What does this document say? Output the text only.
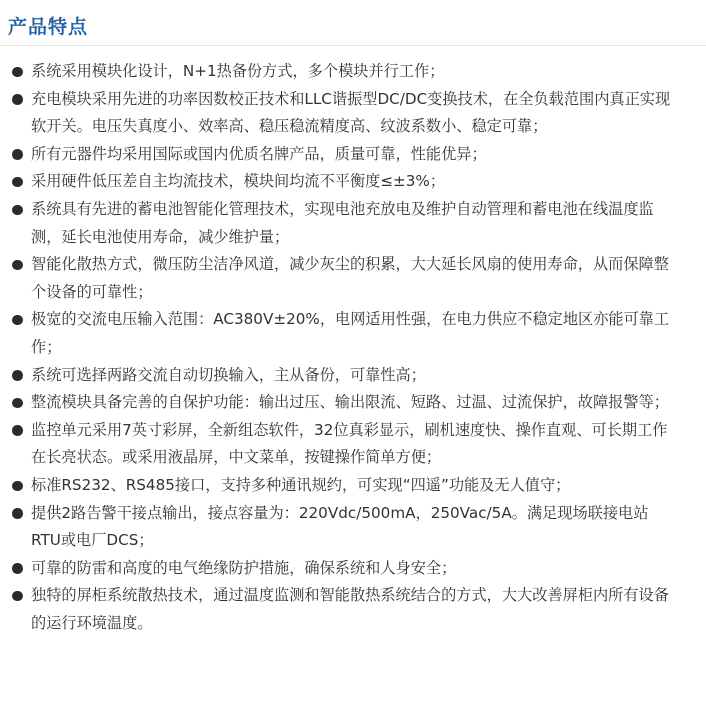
产品特点
系统采用模块化设计，N+1热备份方式，多个模块并行工作；
充电模块采用先进的功率因数校正技术和LLC谐振型DC/DC变换技术，在全负载范围内真正实现软开关。电压失真度小、效率高、稳压稳流精度高、纹波系数小、稳定可靠；
所有元器件均采用国际或国内优质名牌产品，质量可靠，性能优异；
采用硬件低压差自主均流技术，模块间均流不平衡度≤±3%；
系统具有先进的蓄电池智能化管理技术，实现电池充放电及维护自动管理和蓄电池在线温度监测，延长电池使用寿命，减少维护量；
智能化散热方式，微压防尘洁净风道，减少灰尘的积累，大大延长风扇的使用寿命，从而保障整个设备的可靠性；
极宽的交流电压输入范围：AC380V±20%，电网适用性强，在电力供应不稳定地区亦能可靠工作；
系统可选择两路交流自动切换输入，主从备份，可靠性高；
整流模块具备完善的自保护功能：输出过压、输出限流、短路、过温、过流保护，故障报警等；
监控单元采用7英寸彩屏，全新组态软件，32位真彩显示，刷机速度快、操作直观、可长期工作在长亮状态。或采用液晶屏，中文菜单，按键操作简单方便；
标准RS232、RS485接口，支持多种通讯规约，可实现“四遥”功能及无人值守；
提供2路告警干接点输出，接点容量为：220Vdc/500mA，250Vac/5A。满足现场联接电站RTU或电厂DCS；
可靠的防雷和高度的电气绝缘防护措施，确保系统和人身安全；
独特的屏柜系统散热技术，通过温度监测和智能散热系统结合的方式，大大改善屏柜内所有设备的运行环境温度。
